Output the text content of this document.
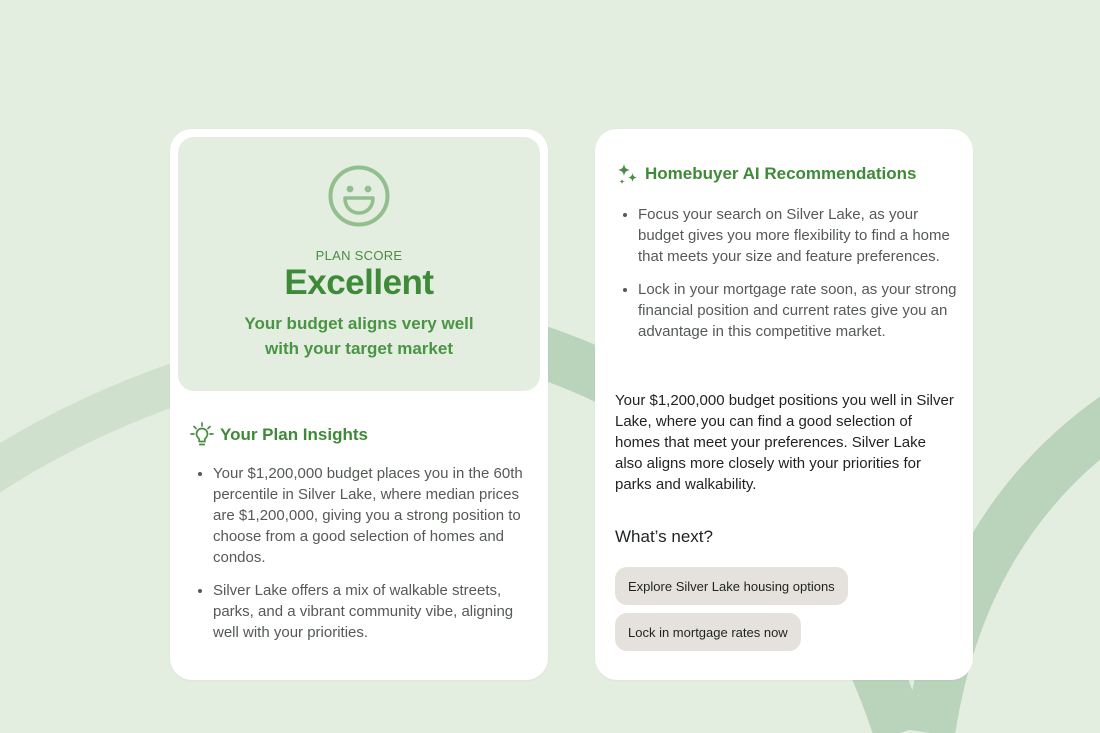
PLAN SCORE
Excellent
Your budget aligns very well with your target market
Your Plan Insights
• Your $1,200,000 budget places you in the 60th percentile in Silver Lake, where median prices are $1,200,000, giving you a strong position to choose from a good selection of homes and condos.
• Silver Lake offers a mix of walkable streets, parks, and a vibrant community vibe, aligning well with your priorities.
Homebuyer AI Recommendations
• Focus your search on Silver Lake, as your budget gives you more flexibility to find a home that meets your size and feature preferences.
• Lock in your mortgage rate soon, as your strong financial position and current rates give you an advantage in this competitive market.
Your $1,200,000 budget positions you well in Silver Lake, where you can find a good selection of homes that meet your preferences. Silver Lake also aligns more closely with your priorities for parks and walkability.
What’s next?
Explore Silver Lake housing options
Lock in mortgage rates now
